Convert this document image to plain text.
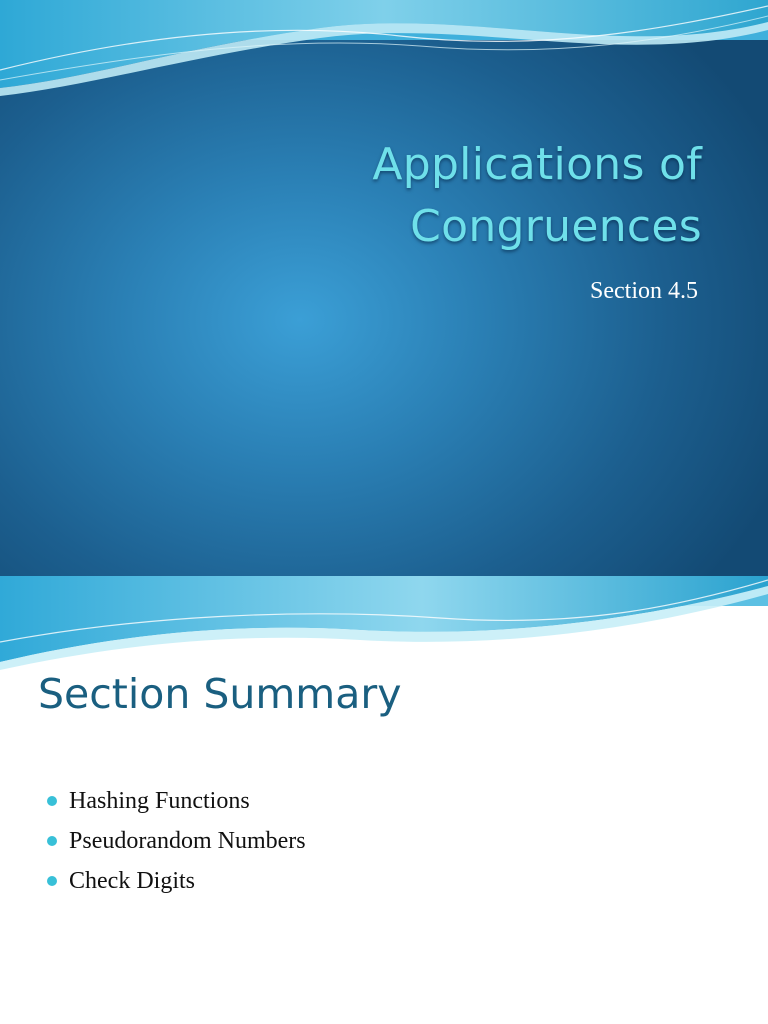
Applications of
Congruences

Section 4.5

Section Summary
Hashing Functions
Pseudorandom Numbers
Check Digits
